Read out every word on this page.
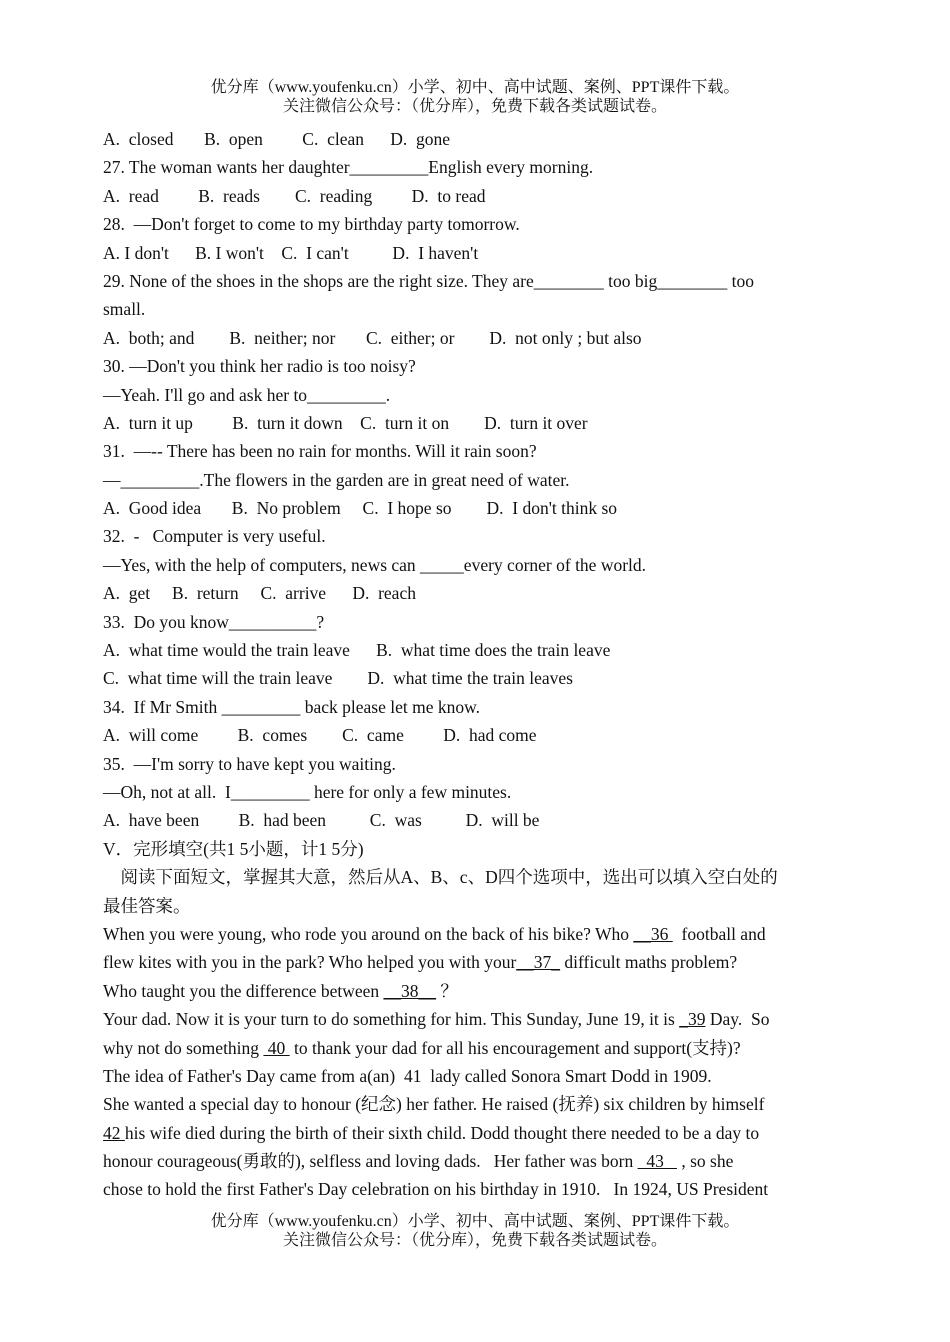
优分库（www.youfenku.cn）小学、初中、高中试题、案例、PPT课件下载。
关注微信公众号：（优分库），免费下载各类试题试卷。
A.  closed       B.  open         C.  clean      D.  gone
27. The woman wants her daughter_________English every morning.
A.  read         B.  reads        C.  reading         D.  to read
28.  —Don't forget to come to my birthday party tomorrow.
A. I don't      B. I won't    C.  I can't          D.  I haven't
29. None of the shoes in the shops are the right size. They are________ too big________ too
small.
A.  both; and        B.  neither; nor       C.  either; or        D.  not only ; but also
30. —Don't you think her radio is too noisy?
—Yeah. I'll go and ask her to_________.
A.  turn it up         B.  turn it down    C.  turn it on        D.  turn it over
31.  —-- There has been no rain for months. Will it rain soon?
—_________.The flowers in the garden are in great need of water.
A.  Good idea       B.  No problem     C.  I hope so        D.  I don't think so
32.  -   Computer is very useful.
—Yes, with the help of computers, news can _____every corner of the world.
A.  get     B.  return     C.  arrive      D.  reach
33.  Do you know__________?
A.  what time would the train leave      B.  what time does the train leave
C.  what time will the train leave        D.  what time the train leaves
34.  If Mr Smith _________ back please let me know.
A.  will come         B.  comes        C.  came         D.  had come
35.  —I'm sorry to have kept you waiting.
—Oh, not at all.  I_________ here for only a few minutes.
A.  have been         B.  had been          C.  was          D.  will be
V．完形填空(共1 5小题，计1 5分)
阅读下面短文，掌握其大意，然后从A、B、c、D四个选项中，选出可以填入空白处的
最佳答案。
When you were young, who rode you around on the back of his bike? Who __36   football and
flew kites with you in the park? Who helped you with your__37_ difficult maths problem?
Who taught you the difference between __38__ ？
Your dad. Now it is your turn to do something for him. This Sunday, June 19, it is _39 Day.  So
why not do something  40  to thank your dad for all his encouragement and support(支持)?
The idea of Father's Day came from a(an)  41  lady called Sonora Smart Dodd in 1909.
She wanted a special day to honour (纪念) her father. He raised (抚养) six children by himself
42 his wife died during the birth of their sixth child. Dodd thought there needed to be a day to
honour courageous(勇敢的), selfless and loving dads.   Her father was born   43    , so she
chose to hold the first Father's Day celebration on his birthday in 1910.   In 1924, US President
优分库（www.youfenku.cn）小学、初中、高中试题、案例、PPT课件下载。
关注微信公众号：（优分库），免费下载各类试题试卷。
